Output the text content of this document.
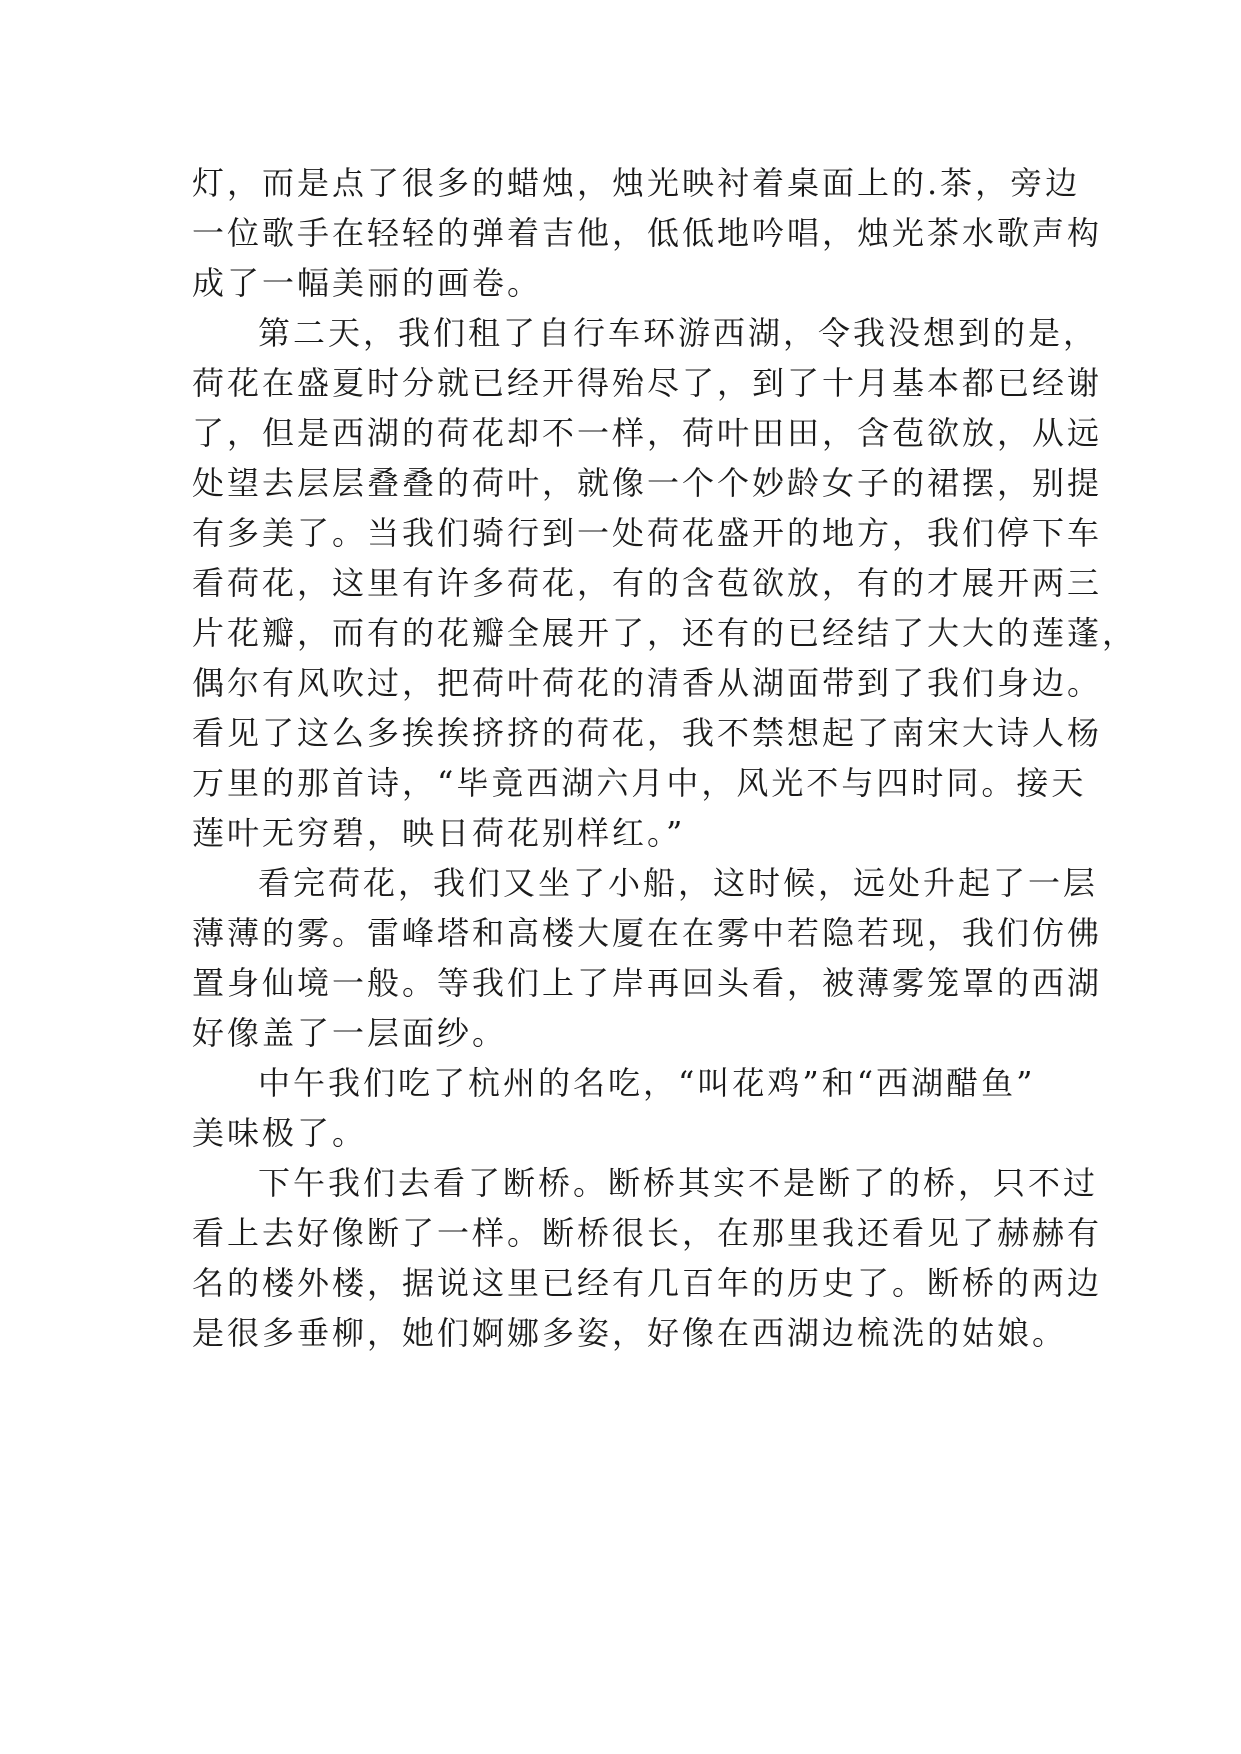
灯，而是点了很多的蜡烛，烛光映衬着桌面上的.茶，旁边
一位歌手在轻轻的弹着吉他，低低地吟唱，烛光茶水歌声构
成了一幅美丽的画卷。
第二天，我们租了自行车环游西湖，令我没想到的是，
荷花在盛夏时分就已经开得殆尽了，到了十月基本都已经谢
了，但是西湖的荷花却不一样，荷叶田田，含苞欲放，从远
处望去层层叠叠的荷叶，就像一个个妙龄女子的裙摆，别提
有多美了。当我们骑行到一处荷花盛开的地方，我们停下车
看荷花，这里有许多荷花，有的含苞欲放，有的才展开两三
片花瓣，而有的花瓣全展开了，还有的已经结了大大的莲蓬，
偶尔有风吹过，把荷叶荷花的清香从湖面带到了我们身边。
看见了这么多挨挨挤挤的荷花，我不禁想起了南宋大诗人杨
万里的那首诗，“毕竟西湖六月中，风光不与四时同。接天
莲叶无穷碧，映日荷花别样红。”
看完荷花，我们又坐了小船，这时候，远处升起了一层
薄薄的雾。雷峰塔和高楼大厦在在雾中若隐若现，我们仿佛
置身仙境一般。等我们上了岸再回头看，被薄雾笼罩的西湖
好像盖了一层面纱。
中午我们吃了杭州的名吃，“叫花鸡”和“西湖醋鱼”
美味极了。
下午我们去看了断桥。断桥其实不是断了的桥，只不过
看上去好像断了一样。断桥很长，在那里我还看见了赫赫有
名的楼外楼，据说这里已经有几百年的历史了。断桥的两边
是很多垂柳，她们婀娜多姿，好像在西湖边梳洗的姑娘。
